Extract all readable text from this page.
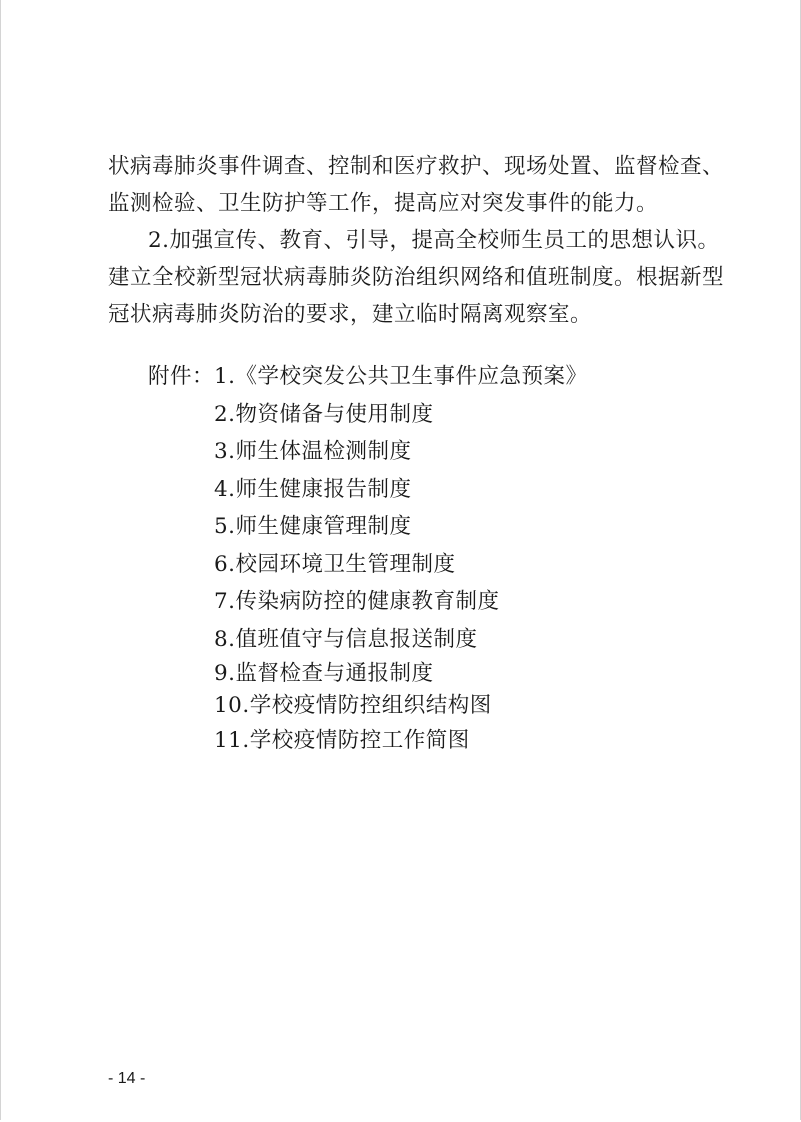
状病毒肺炎事件调查、控制和医疗救护、现场处置、监督检查、

监测检验、卫生防护等工作，提高应对突发事件的能力。

2.加强宣传、教育、引导，提高全校师生员工的思想认识。

建立全校新型冠状病毒肺炎防治组织网络和值班制度。根据新型

冠状病毒肺炎防治的要求，建立临时隔离观察室。

附件：1.《学校突发公共卫生事件应急预案》
2.物资储备与使用制度
3.师生体温检测制度
4.师生健康报告制度
5.师生健康管理制度
6.校园环境卫生管理制度
7.传染病防控的健康教育制度
8.值班值守与信息报送制度
9.监督检查与通报制度
10.学校疫情防控组织结构图
11.学校疫情防控工作简图
- 14 -
